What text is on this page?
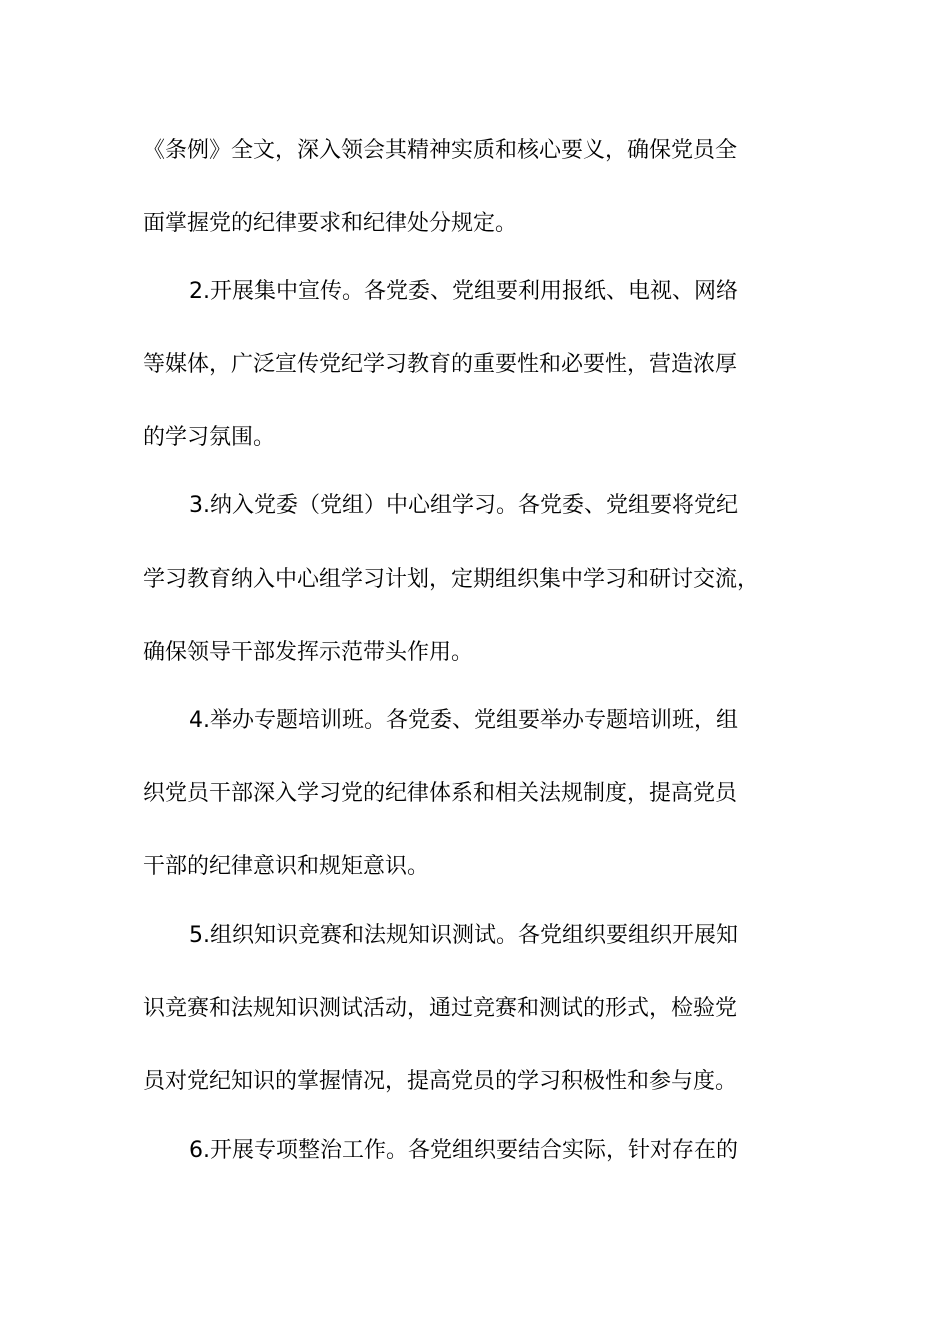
《条例》全文，深入领会其精神实质和核心要义，确保党员全
面掌握党的纪律要求和纪律处分规定。
2.开展集中宣传。各党委、党组要利用报纸、电视、网络
等媒体，广泛宣传党纪学习教育的重要性和必要性，营造浓厚
的学习氛围。
3.纳入党委（党组）中心组学习。各党委、党组要将党纪
学习教育纳入中心组学习计划，定期组织集中学习和研讨交流，
确保领导干部发挥示范带头作用。
4.举办专题培训班。各党委、党组要举办专题培训班，组
织党员干部深入学习党的纪律体系和相关法规制度，提高党员
干部的纪律意识和规矩意识。
5.组织知识竞赛和法规知识测试。各党组织要组织开展知
识竞赛和法规知识测试活动，通过竞赛和测试的形式，检验党
员对党纪知识的掌握情况，提高党员的学习积极性和参与度。
6.开展专项整治工作。各党组织要结合实际，针对存在的
